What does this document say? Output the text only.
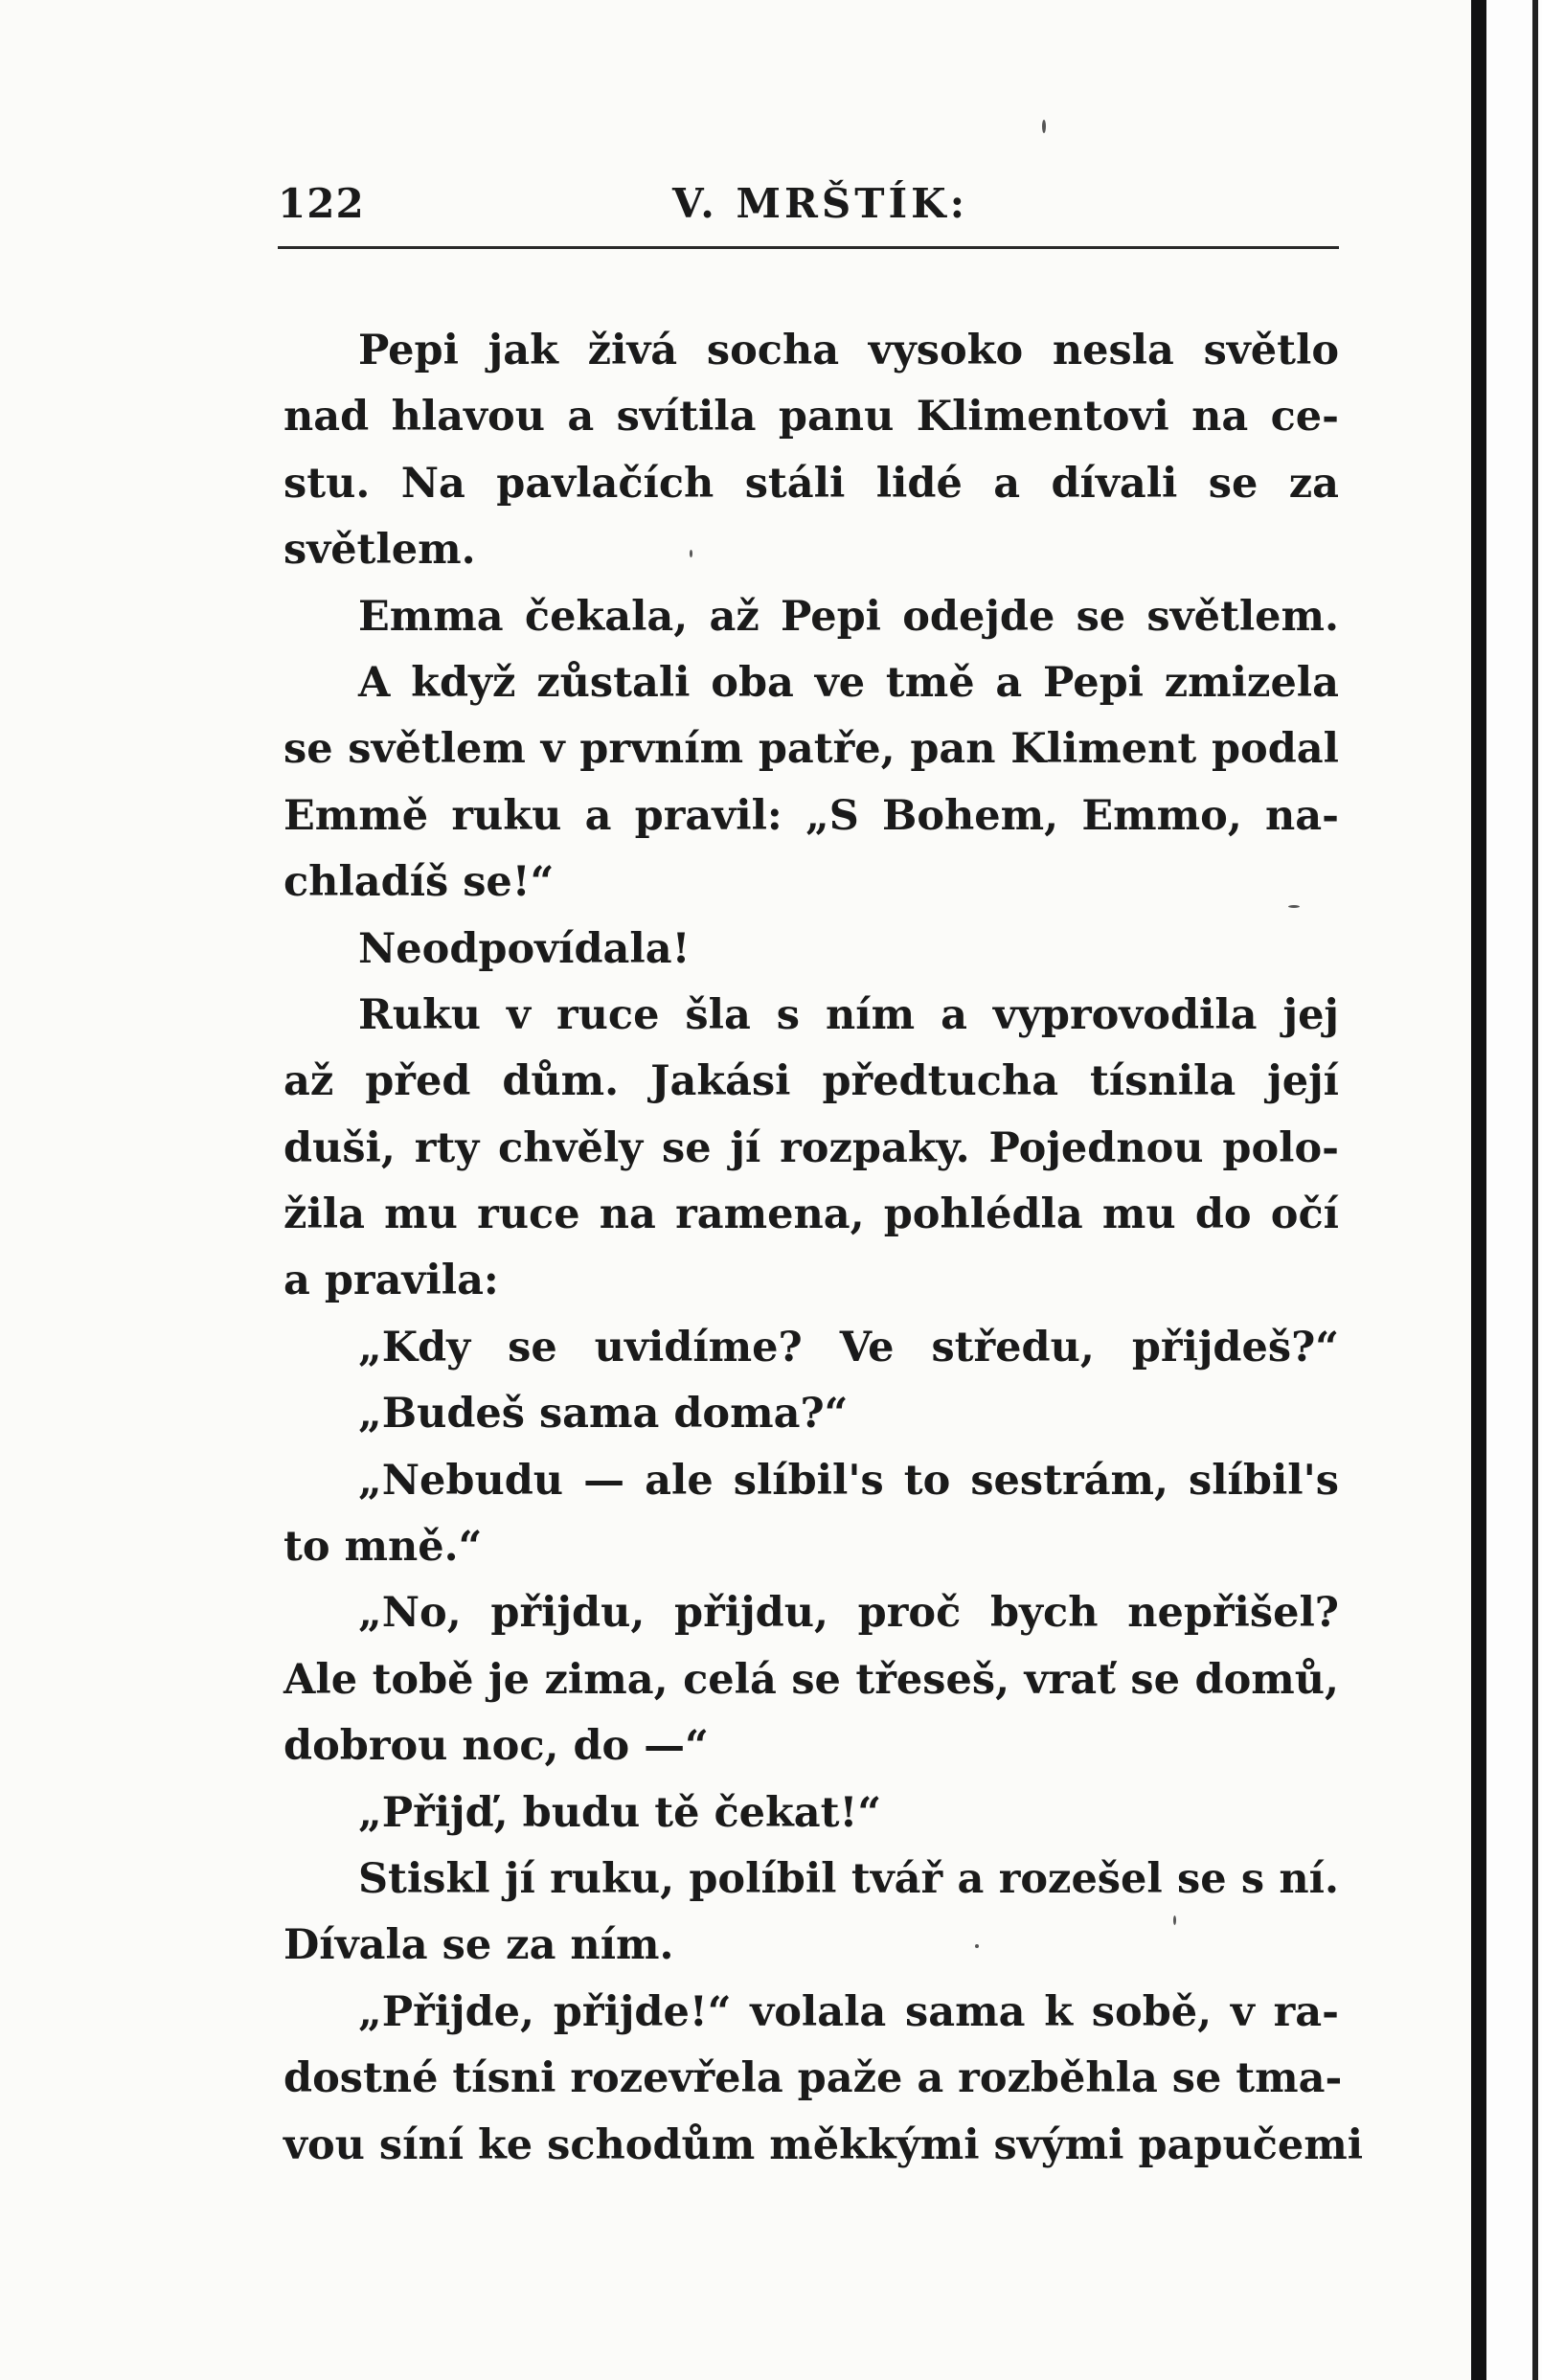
122	V. MRŠTÍK:
Pepi jak živá socha vysoko nesla světlo
nad hlavou a svítila panu Klimentovi na ce-
stu. Na pavlačích stáli lidé a dívali se za
světlem.
Emma čekala, až Pepi odejde se světlem.
A když zůstali oba ve tmě a Pepi zmizela
se světlem v prvním patře, pan Kliment podal
Emmě ruku a pravil: „S Bohem, Emmo, na-
chladíš se!“
Neodpovídala!
Ruku v ruce šla s ním a vyprovodila jej
až před dům. Jakási předtucha tísnila její
duši, rty chvěly se jí rozpaky. Pojednou polo-
žila mu ruce na ramena, pohlédla mu do očí
a pravila:
„Kdy se uvidíme? Ve středu, přijdeš?“
„Budeš sama doma?“
„Nebudu — ale slíbil's to sestrám, slíbil's
to mně.“
„No, přijdu, přijdu, proč bych nepřišel?
Ale tobě je zima, celá se třeseš, vrať se domů,
dobrou noc, do —“
„Přijď, budu tě čekat!“
Stiskl jí ruku, políbil tvář a rozešel se s ní.
Dívala se za ním.
„Přijde, přijde!“ volala sama k sobě, v ra-
dostné tísni rozevřela paže a rozběhla se tma-
vou síní ke schodům měkkými svými papučemi
